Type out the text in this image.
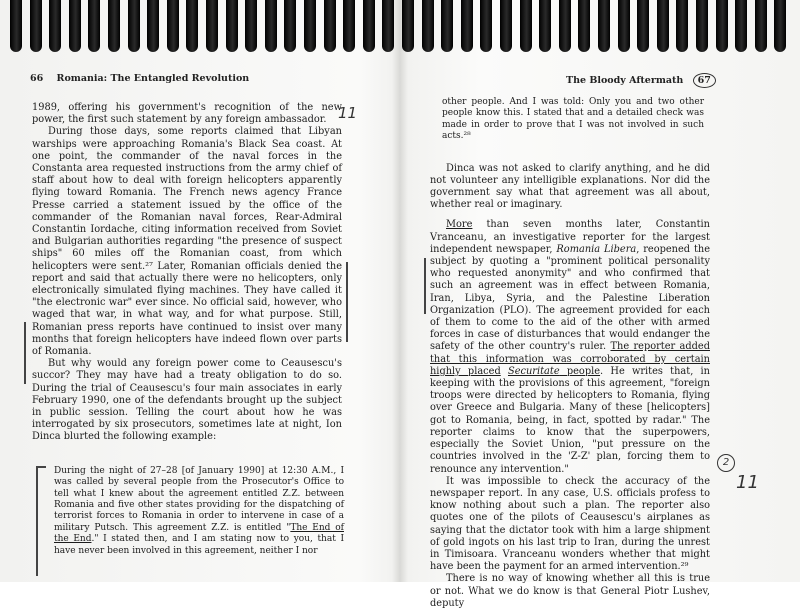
66 Romania: The Entangled Revolution

1989, offering his government's recognition of the new power, the first such statement by any foreign ambassador.

During those days, some reports claimed that Libyan warships were approaching Romania's Black Sea coast. At one point, the commander of the naval forces in the Constanta area requested instructions from the army chief of staff about how to deal with foreign helicopters apparently flying toward Romania. The French news agency France Presse carried a statement issued by the office of the commander of the Romanian naval forces, Rear-Admiral Constantin Iordache, citing information received from Soviet and Bulgarian authorities regarding "the presence of suspect ships" 60 miles off the Romanian coast, from which helicopters were sent.²⁷ Later, Romanian officials denied the report and said that actually there were no helicopters, only electronically simulated flying machines. They have called it "the electronic war" ever since. No official said, however, who waged that war, in what way, and for what purpose. Still, Romanian press reports have continued to insist over many months that foreign helicopters have indeed flown over parts of Romania.

But why would any foreign power come to Ceausescu's succor? They may have had a treaty obligation to do so. During the trial of Ceausescu's four main associates in early February 1990, one of the defendants brought up the subject in public session. Telling the court about how he was interrogated by six prosecutors, sometimes late at night, Ion Dinca blurted the following example:

During the night of 27–28 [of January 1990] at 12:30 A.M., I was called by several people from the Prosecutor's Office to tell what I knew about the agreement entitled Z.Z. between Romania and five other states providing for the dispatching of terrorist forces to Romania in order to intervene in case of a military Putsch. This agreement Z.Z. is entitled "The End of the End." I stated then, and I am stating now to you, that I have never been involved in this agreement, neither I nor
The Bloody Aftermath 67
other people. And I was told: Only you and two other people know this. I stated that and a detailed check was made in order to prove that I was not involved in such acts.²⁸

Dinca was not asked to clarify anything, and he did not volunteer any intelligible explanations. Nor did the government say what that agreement was all about, whether real or imaginary.

More than seven months later, Constantin Vranceanu, an investigative reporter for the largest independent newspaper, Romania Libera, reopened the subject by quoting a "prominent political personality who requested anonymity" and who confirmed that such an agreement was in effect between Romania, Iran, Libya, Syria, and the Palestine Liberation Organization (PLO). The agreement provided for each of them to come to the aid of the other with armed forces in case of disturbances that would endanger the safety of the other country's ruler. The reporter added that this information was corroborated by certain highly placed Securitate people. He writes that, in keeping with the provisions of this agreement, "foreign troops were directed by helicopters to Romania, flying over Greece and Bulgaria. Many of these [helicopters] got to Romania, being, in fact, spotted by radar." The reporter claims to know that the superpowers, especially the Soviet Union, "put pressure on the countries involved in the 'Z-Z' plan, forcing them to renounce any intervention."

It was impossible to check the accuracy of the newspaper report. In any case, U.S. officials profess to know nothing about such a plan. The reporter also quotes one of the pilots of Ceausescu's airplanes as saying that the dictator took with him a large shipment of gold ingots on his last trip to Iran, during the unrest in Timisoara. Vranceanu wonders whether that might have been the payment for an armed intervention.²⁹

There is no way of knowing whether all this is true or not. What we do know is that General Piotr Lushev, deputy

11
2
11
